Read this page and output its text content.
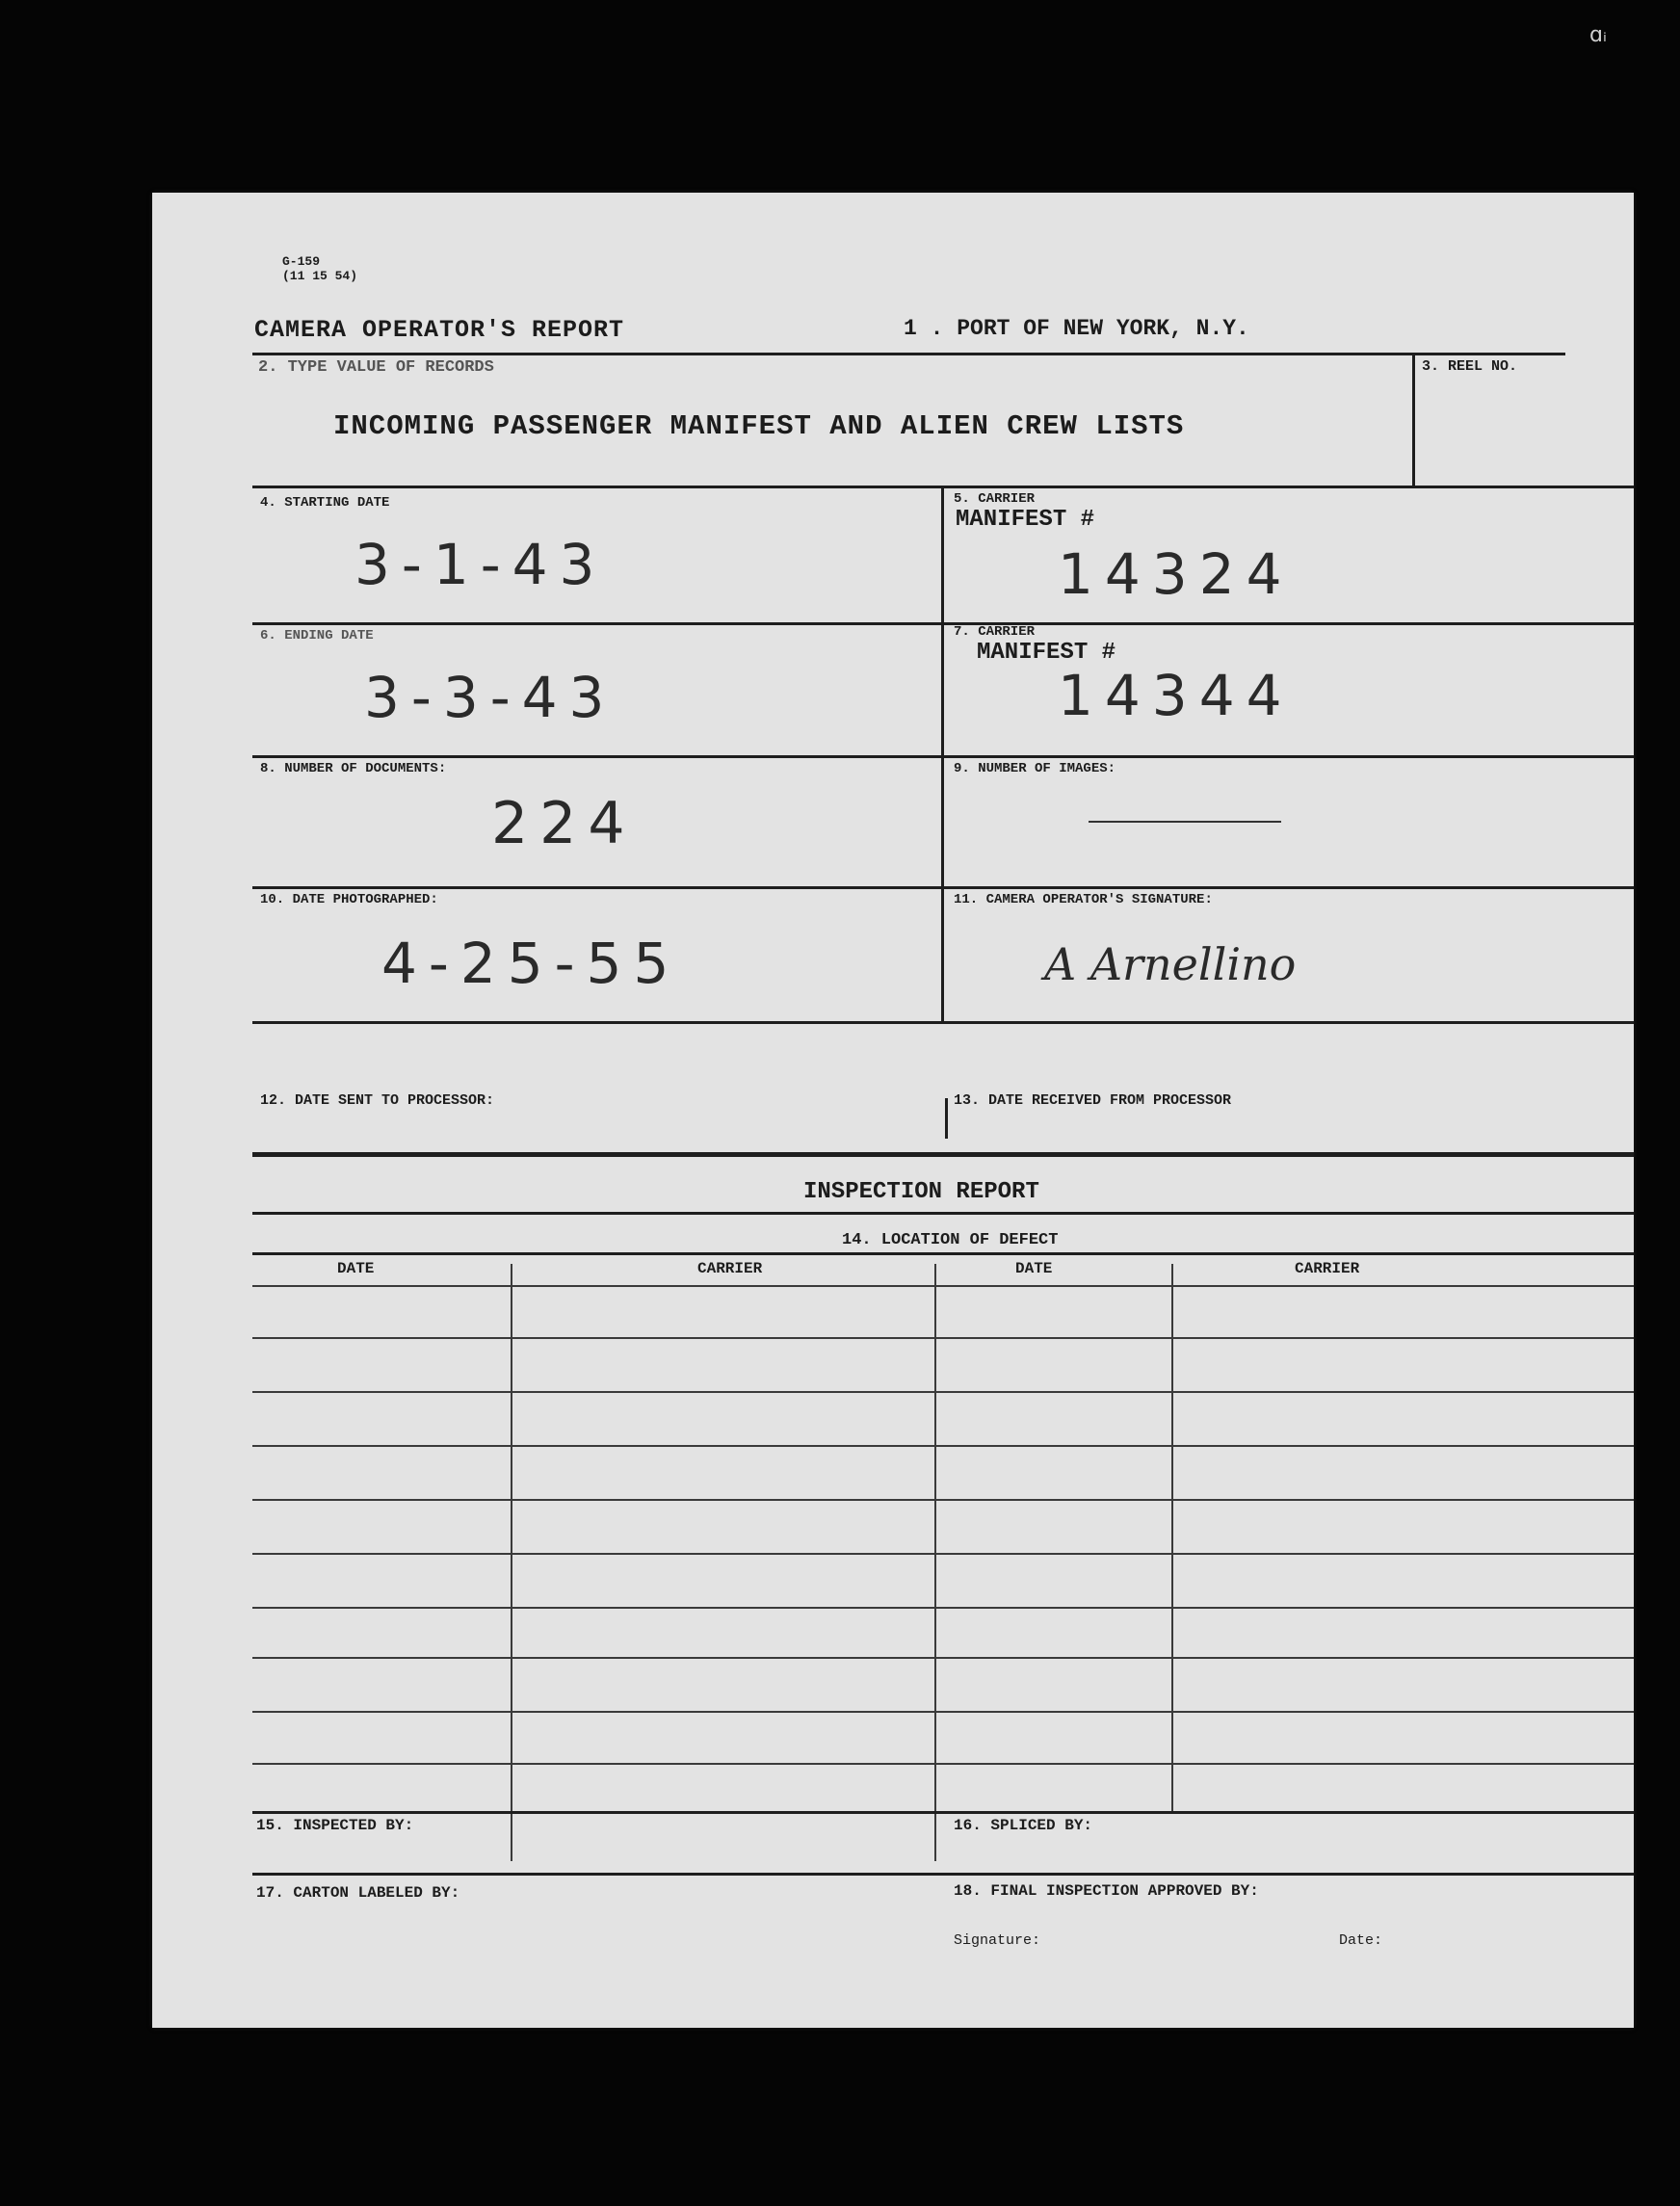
ɑᵢ
G-159
(11 15 54)
CAMERA OPERATOR'S REPORT	1 . PORT OF NEW YORK, N.Y.
2. TYPE VALUE OF RECORDS	3. REEL NO.
INCOMING PASSENGER MANIFEST AND ALIEN CREW LISTS
4. STARTING DATE
3-1-43
5. CARRIER
MANIFEST #
14324
6. ENDING DATE
3-3-43
7. CARRIER
MANIFEST #
14344
8. NUMBER OF DOCUMENTS:
224
9. NUMBER OF IMAGES:
10. DATE PHOTOGRAPHED:
4-25-55
11. CAMERA OPERATOR'S SIGNATURE:
A Arnellino
12. DATE SENT TO PROCESSOR:	13. DATE RECEIVED FROM PROCESSOR
INSPECTION REPORT
14. LOCATION OF DEFECT
DATE	CARRIER	DATE	CARRIER
15. INSPECTED BY:	16. SPLICED BY:
17. CARTON LABELED BY:	18. FINAL INSPECTION APPROVED BY:
Signature:	Date:
